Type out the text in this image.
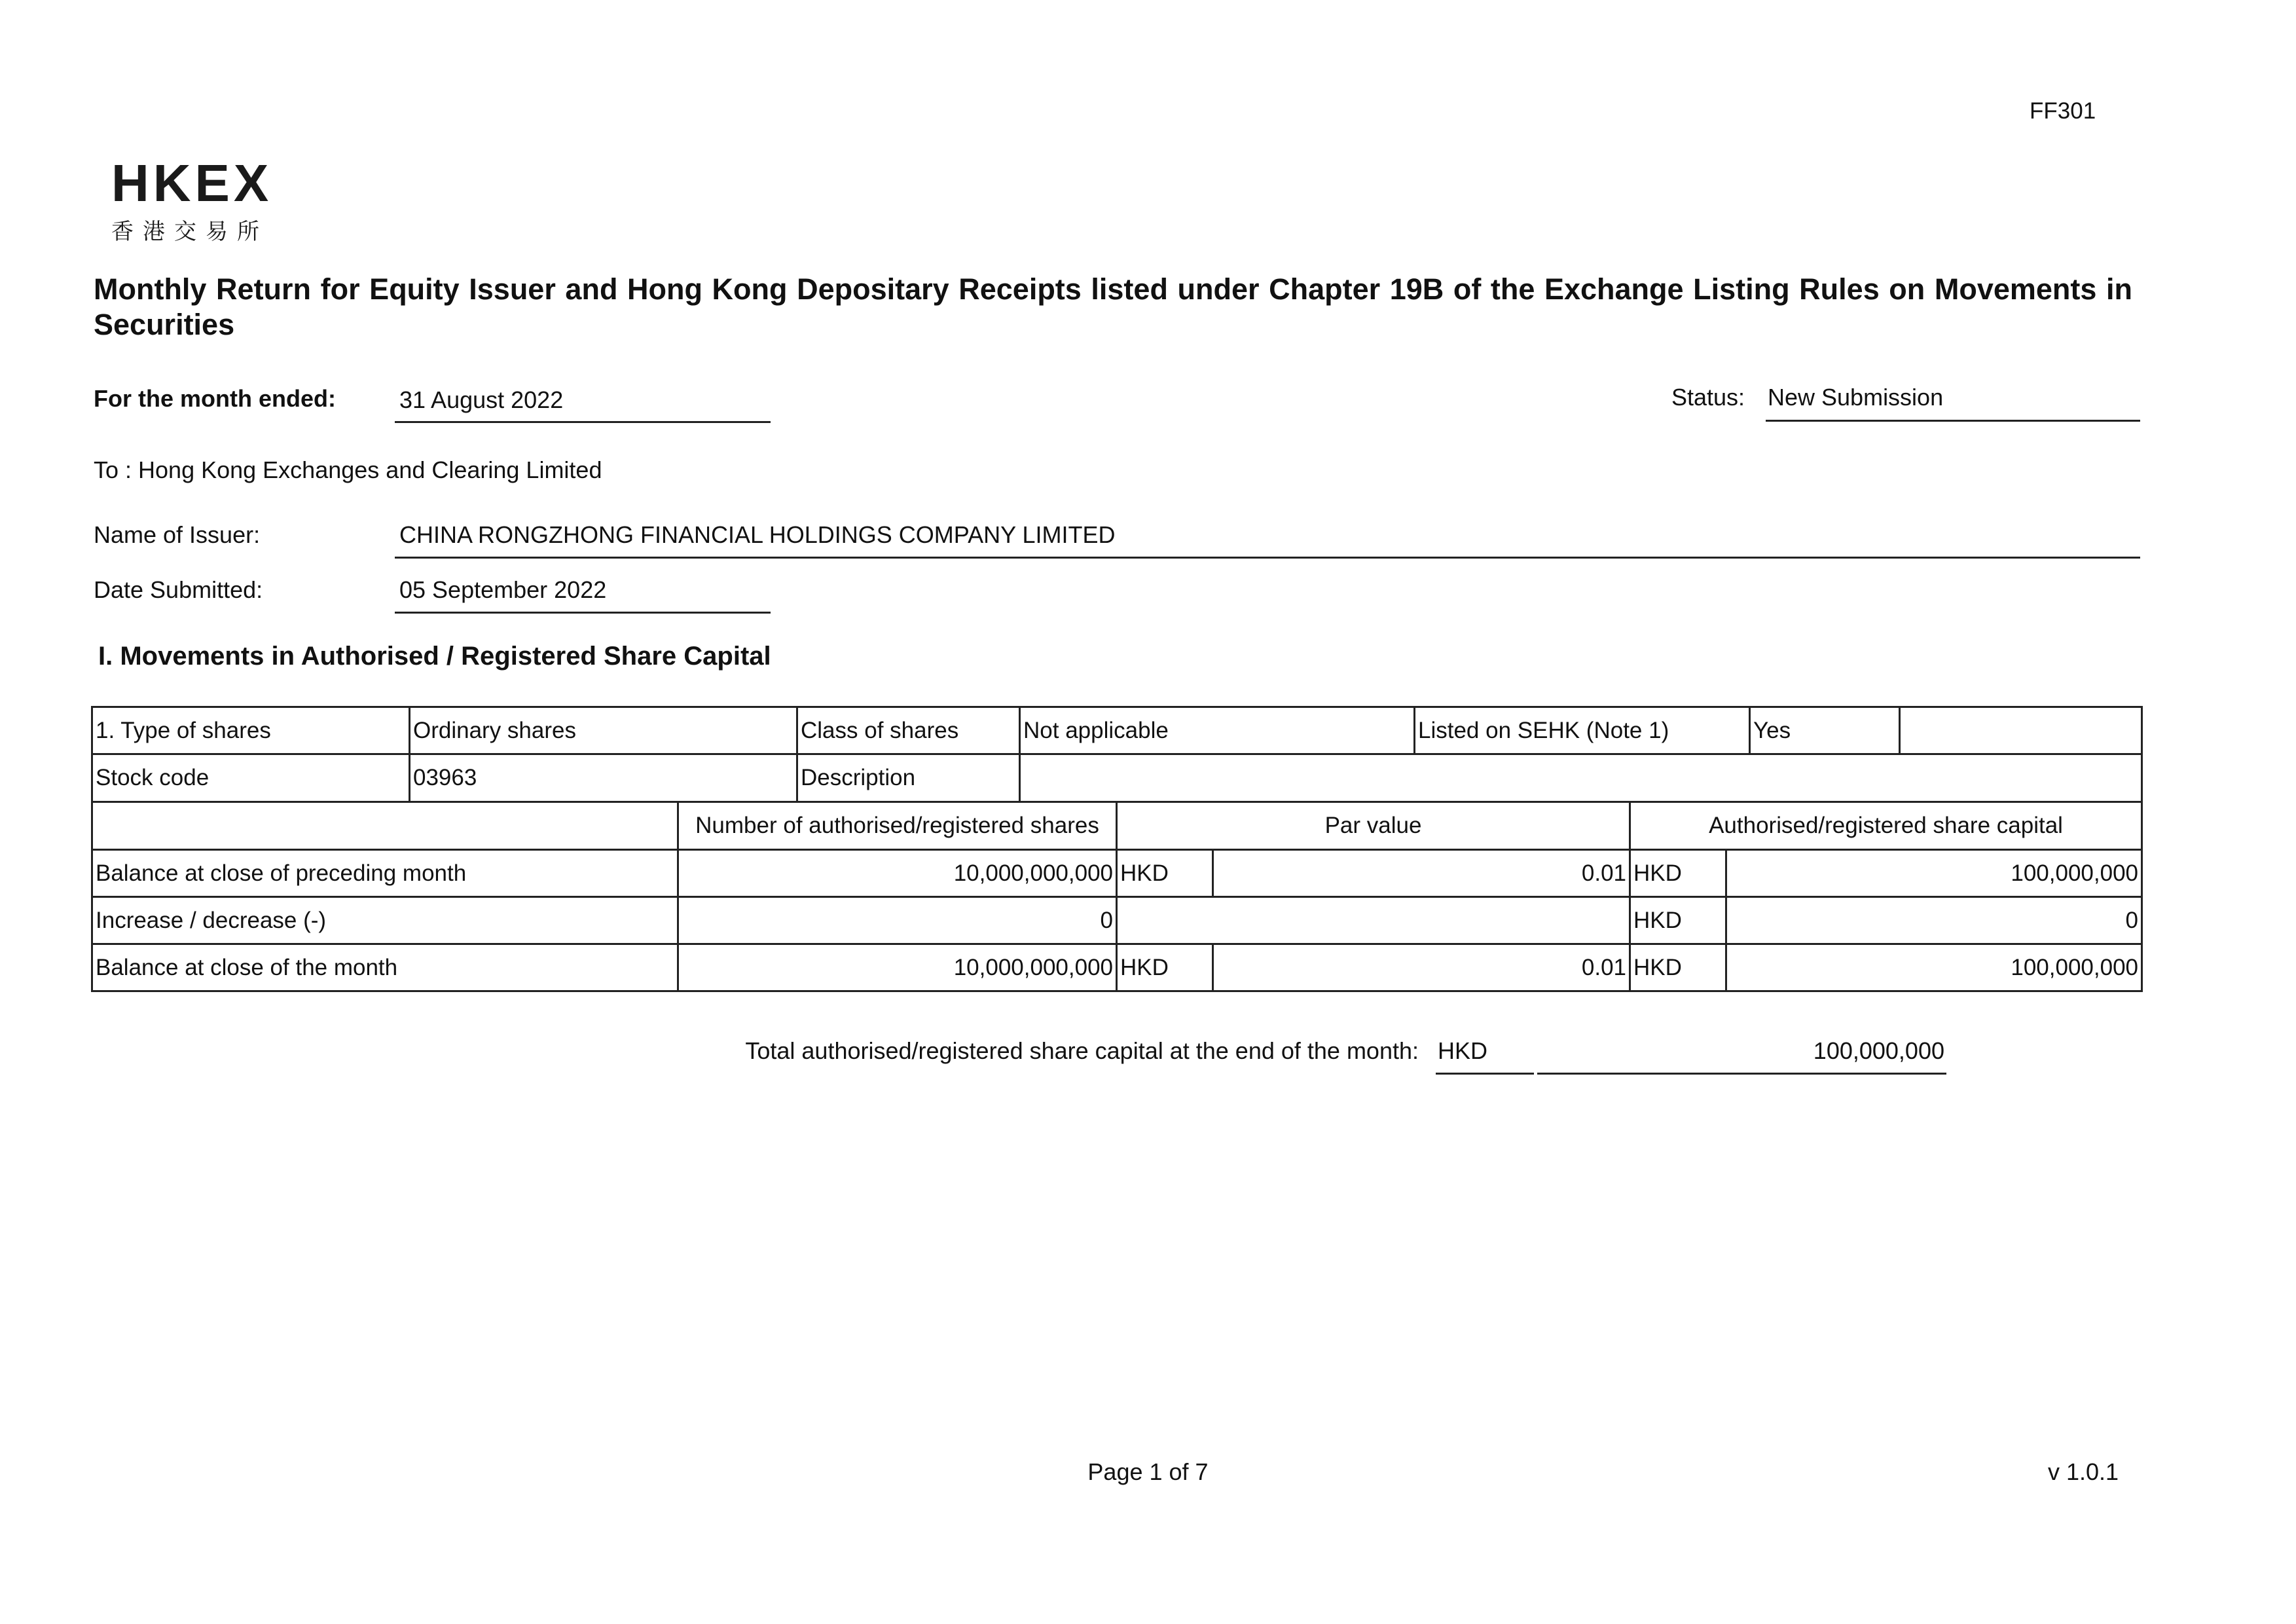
FF301
HKEX
香港交易所
Monthly Return for Equity Issuer and Hong Kong Depositary Receipts listed under Chapter 19B of the Exchange Listing Rules on Movements in Securities
For the month ended:	31 August 2022	Status: New Submission
To : Hong Kong Exchanges and Clearing Limited
Name of Issuer:	CHINA RONGZHONG FINANCIAL HOLDINGS COMPANY LIMITED
Date Submitted:	05 September 2022
I. Movements in Authorised / Registered Share Capital
1. Type of shares	Ordinary shares	Class of shares	Not applicable	Listed on SEHK (Note 1)	Yes	
Stock code	03963	Description				
	Number of authorised/registered shares	Par value		Authorised/registered share capital	
Balance at close of preceding month	10,000,000,000	HKD	0.01	HKD	100,000,000
Increase / decrease (-)	0			HKD	0
Balance at close of the month	10,000,000,000	HKD	0.01	HKD	100,000,000
Total authorised/registered share capital at the end of the month: HKD	100,000,000
Page 1 of 7	v 1.0.1
